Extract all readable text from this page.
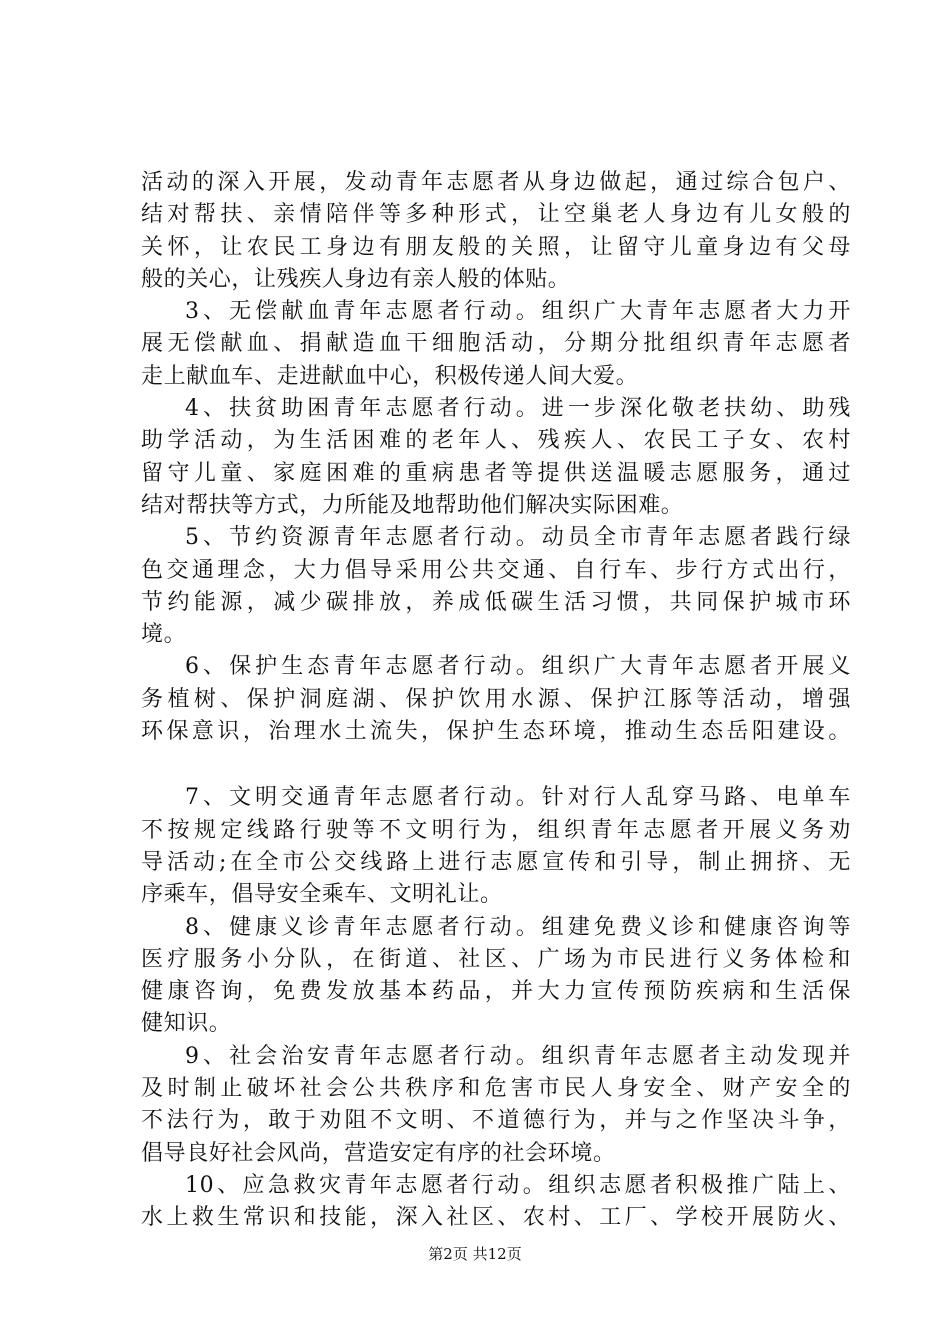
活动的深入开展，发动青年志愿者从身边做起，通过综合包户、
结对帮扶、亲情陪伴等多种形式，让空巢老人身边有儿女般的
关怀，让农民工身边有朋友般的关照，让留守儿童身边有父母
般的关心，让残疾人身边有亲人般的体贴。
3、无偿献血青年志愿者行动。组织广大青年志愿者大力开
展无偿献血、捐献造血干细胞活动，分期分批组织青年志愿者
走上献血车、走进献血中心，积极传递人间大爱。
4、扶贫助困青年志愿者行动。进一步深化敬老扶幼、助残
助学活动，为生活困难的老年人、残疾人、农民工子女、农村
留守儿童、家庭困难的重病患者等提供送温暖志愿服务，通过
结对帮扶等方式，力所能及地帮助他们解决实际困难。
5、节约资源青年志愿者行动。动员全市青年志愿者践行绿
色交通理念，大力倡导采用公共交通、自行车、步行方式出行，
节约能源，减少碳排放，养成低碳生活习惯，共同保护城市环
境。
6、保护生态青年志愿者行动。组织广大青年志愿者开展义
务植树、保护洞庭湖、保护饮用水源、保护江豚等活动，增强
环保意识，治理水土流失，保护生态环境，推动生态岳阳建设。
7、文明交通青年志愿者行动。针对行人乱穿马路、电单车
不按规定线路行驶等不文明行为，组织青年志愿者开展义务劝
导活动;在全市公交线路上进行志愿宣传和引导，制止拥挤、无
序乘车，倡导安全乘车、文明礼让。
8、健康义诊青年志愿者行动。组建免费义诊和健康咨询等
医疗服务小分队，在街道、社区、广场为市民进行义务体检和
健康咨询，免费发放基本药品，并大力宣传预防疾病和生活保
健知识。
9、社会治安青年志愿者行动。组织青年志愿者主动发现并
及时制止破坏社会公共秩序和危害市民人身安全、财产安全的
不法行为，敢于劝阻不文明、不道德行为，并与之作坚决斗争，
倡导良好社会风尚，营造安定有序的社会环境。
10、应急救灾青年志愿者行动。组织志愿者积极推广陆上、
水上救生常识和技能，深入社区、农村、工厂、学校开展防火、
第2页 共12页
